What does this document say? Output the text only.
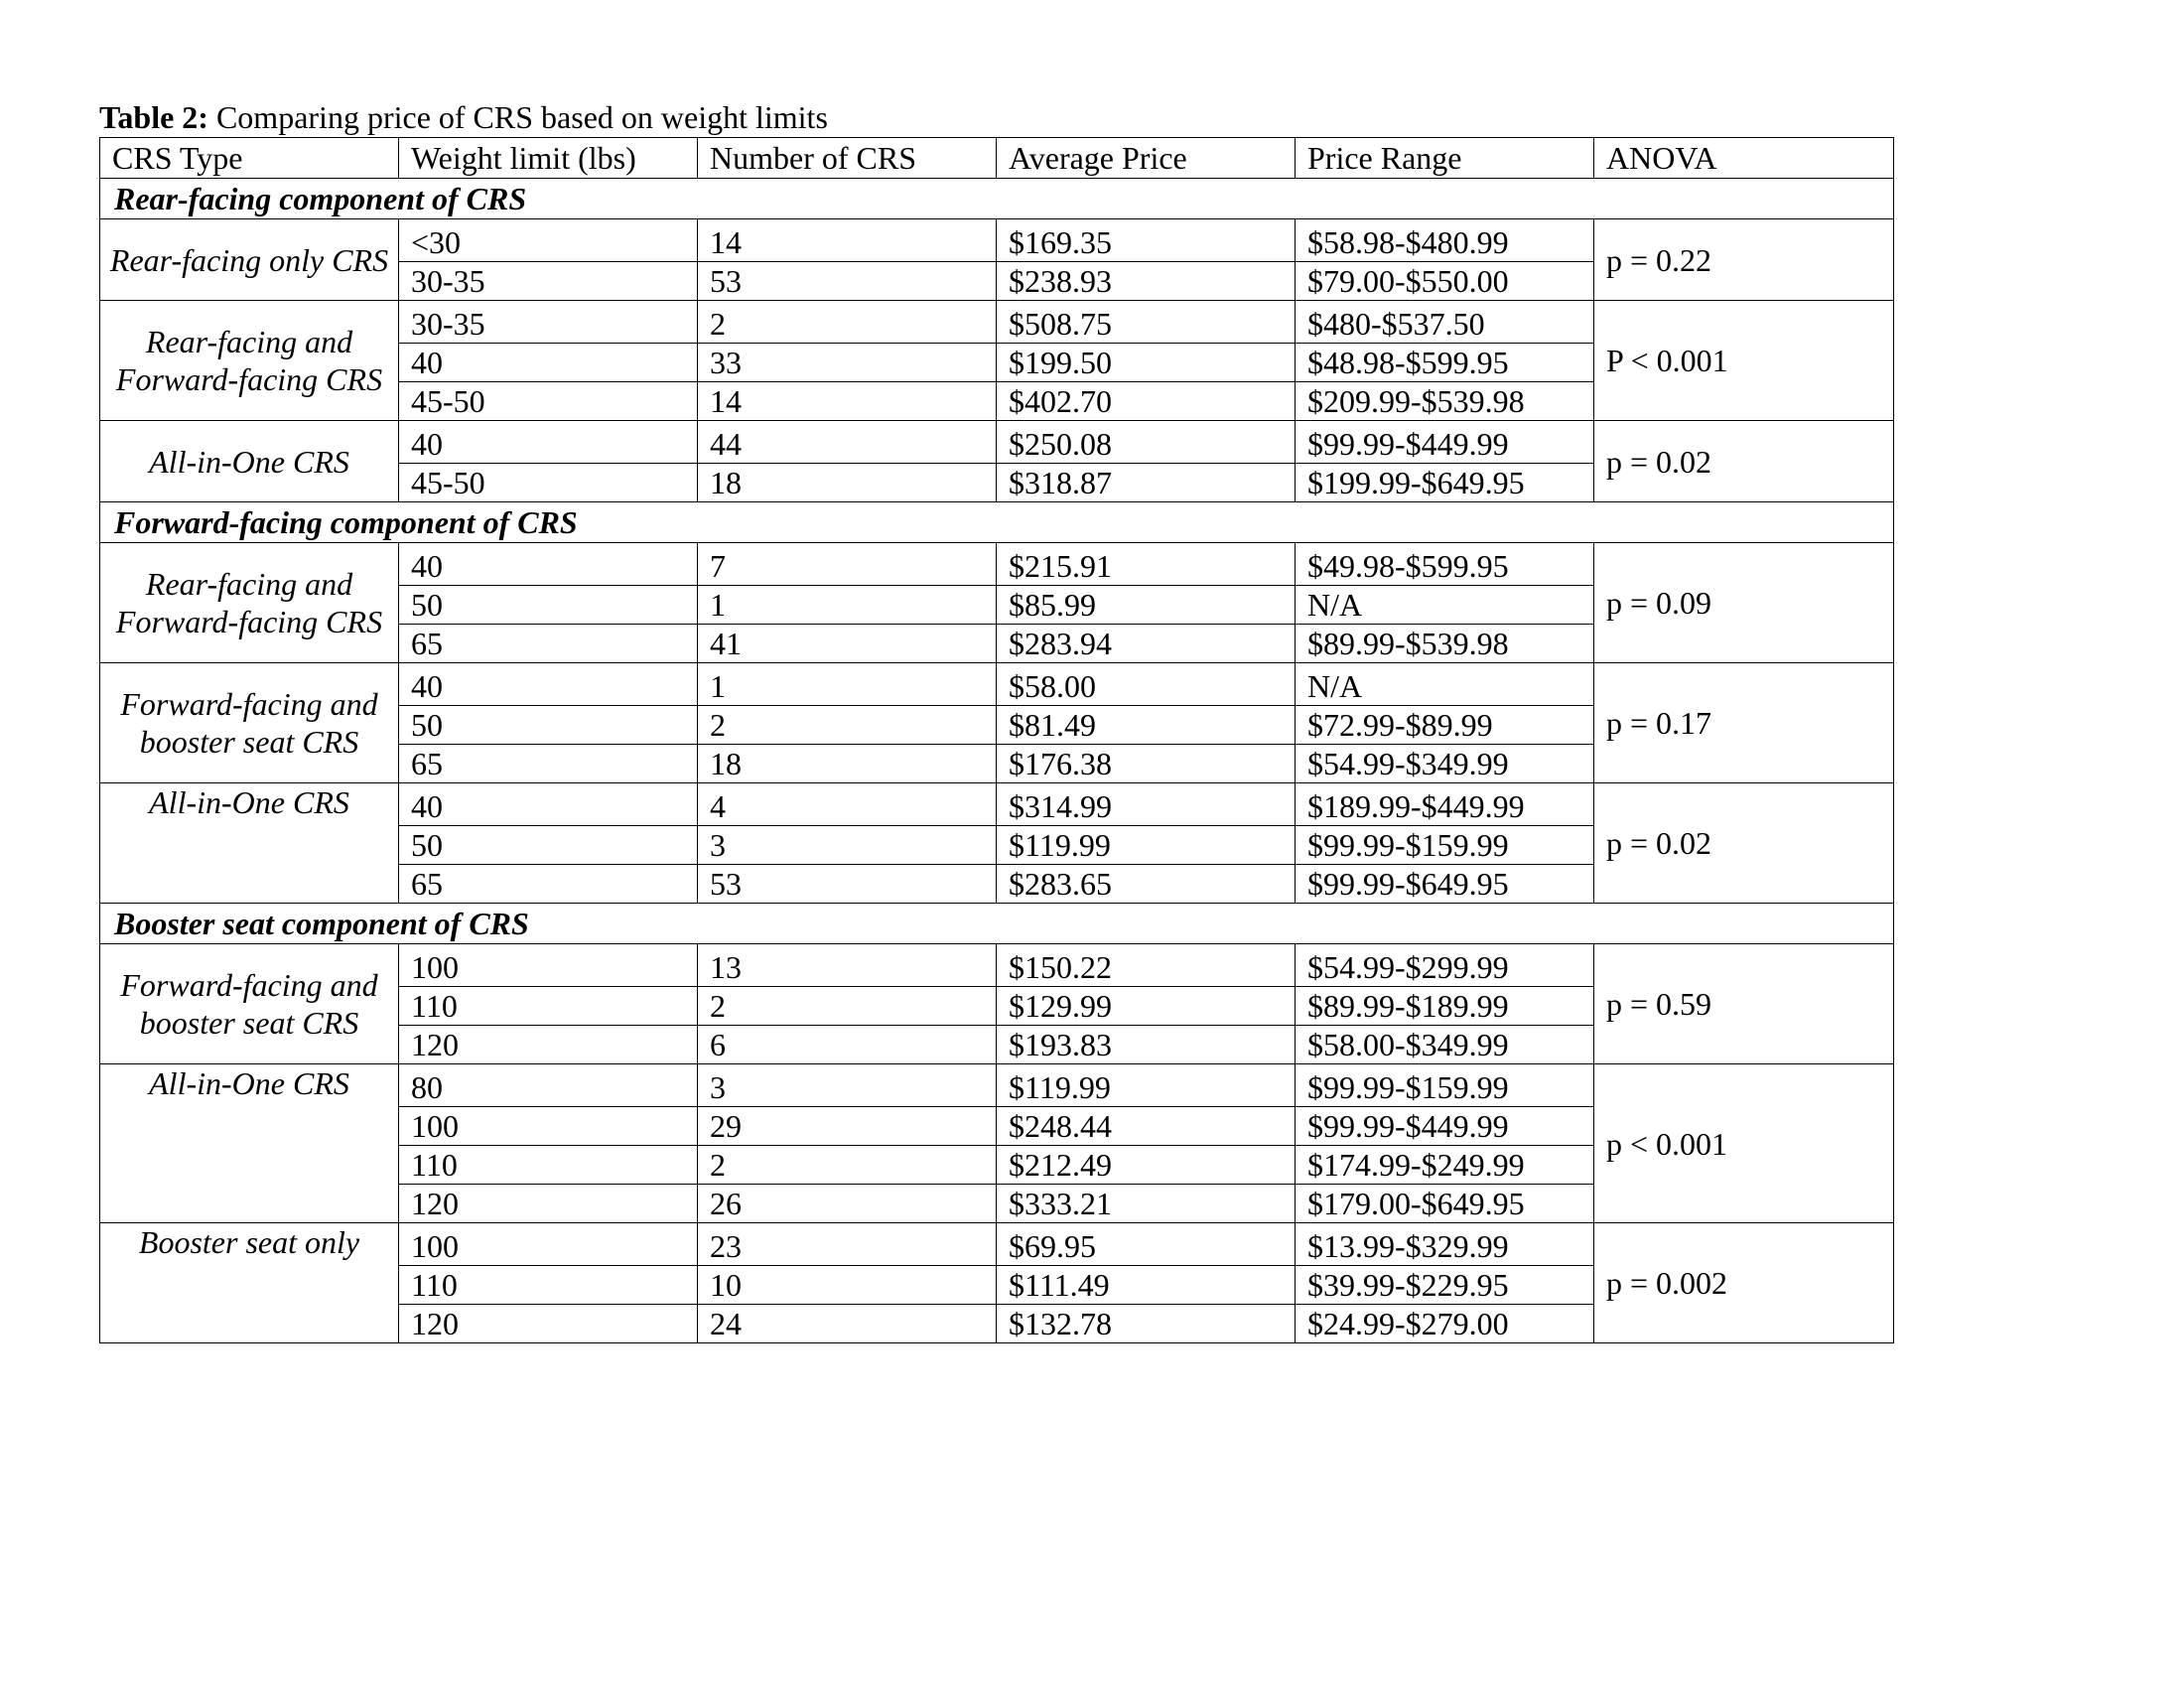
Table 2: Comparing price of CRS based on weight limits
CRS Type	Weight limit (lbs)	Number of CRS	Average Price	Price Range	ANOVA
Rear-facing component of CRS					
Rear-facing only CRS	<30	14	$169.35	$58.98-$480.99	p = 0.22
	30-35	53	$238.93	$79.00-$550.00	
Rear-facing and Forward-facing CRS	30-35	2	$508.75	$480-$537.50	P < 0.001
	40	33	$199.50	$48.98-$599.95	
	45-50	14	$402.70	$209.99-$539.98	
All-in-One CRS	40	44	$250.08	$99.99-$449.99	p = 0.02
	45-50	18	$318.87	$199.99-$649.95	
Forward-facing component of CRS					
Rear-facing and Forward-facing CRS	40	7	$215.91	$49.98-$599.95	p = 0.09
	50	1	$85.99	N/A	
	65	41	$283.94	$89.99-$539.98	
Forward-facing and booster seat CRS	40	1	$58.00	N/A	p = 0.17
	50	2	$81.49	$72.99-$89.99	
	65	18	$176.38	$54.99-$349.99	
All-in-One CRS	40	4	$314.99	$189.99-$449.99	p = 0.02
	50	3	$119.99	$99.99-$159.99	
	65	53	$283.65	$99.99-$649.95	
Booster seat component of CRS					
Forward-facing and booster seat CRS	100	13	$150.22	$54.99-$299.99	p = 0.59
	110	2	$129.99	$89.99-$189.99	
	120	6	$193.83	$58.00-$349.99	
All-in-One CRS	80	3	$119.99	$99.99-$159.99	p < 0.001
	100	29	$248.44	$99.99-$449.99	
	110	2	$212.49	$174.99-$249.99	
	120	26	$333.21	$179.00-$649.95	
Booster seat only	100	23	$69.95	$13.99-$329.99	p = 0.002
	110	10	$111.49	$39.99-$229.95	
	120	24	$132.78	$24.99-$279.00	
